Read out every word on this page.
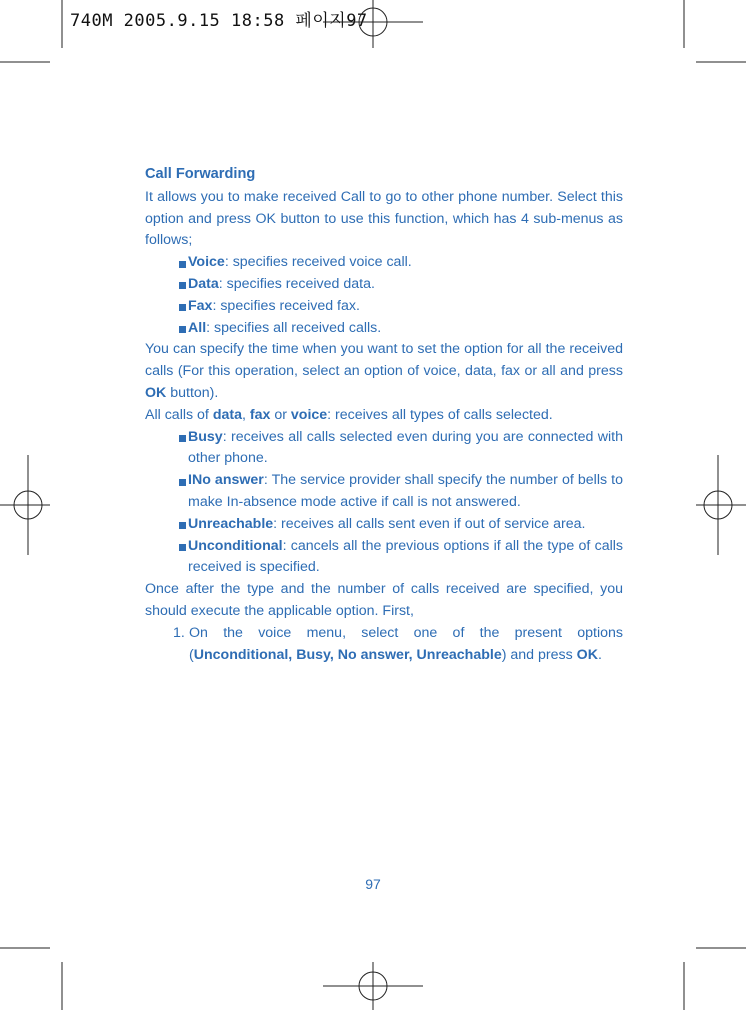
740M 2005.9.15 18:58 페이지97
Call Forwarding

It allows you to make received Call to go to other phone number. Select this option and press OK button to use this function, which has 4 sub-menus as follows;

Voice: specifies received voice call.

Data: specifies received data.

Fax: specifies received fax.

All: specifies all received calls.

You can specify the time when you want to set the option for all the received calls (For this operation, select an option of voice, data, fax or all and press OK button).

All calls of data, fax or voice: receives all types of calls selected.

Busy: receives all calls selected even during you are connected with other phone.

INo answer: The service provider shall specify the number of bells to make In-absence mode active if call is not answered.

Unreachable: receives all calls sent even if out of service area.

Unconditional: cancels all the previous options if all the type of calls received is specified.

Once after the type and the number of calls received are specified, you should execute the applicable option. First,

1. On the voice menu, select one of the present options
(Unconditional, Busy, No answer, Unreachable) and press OK.
97
